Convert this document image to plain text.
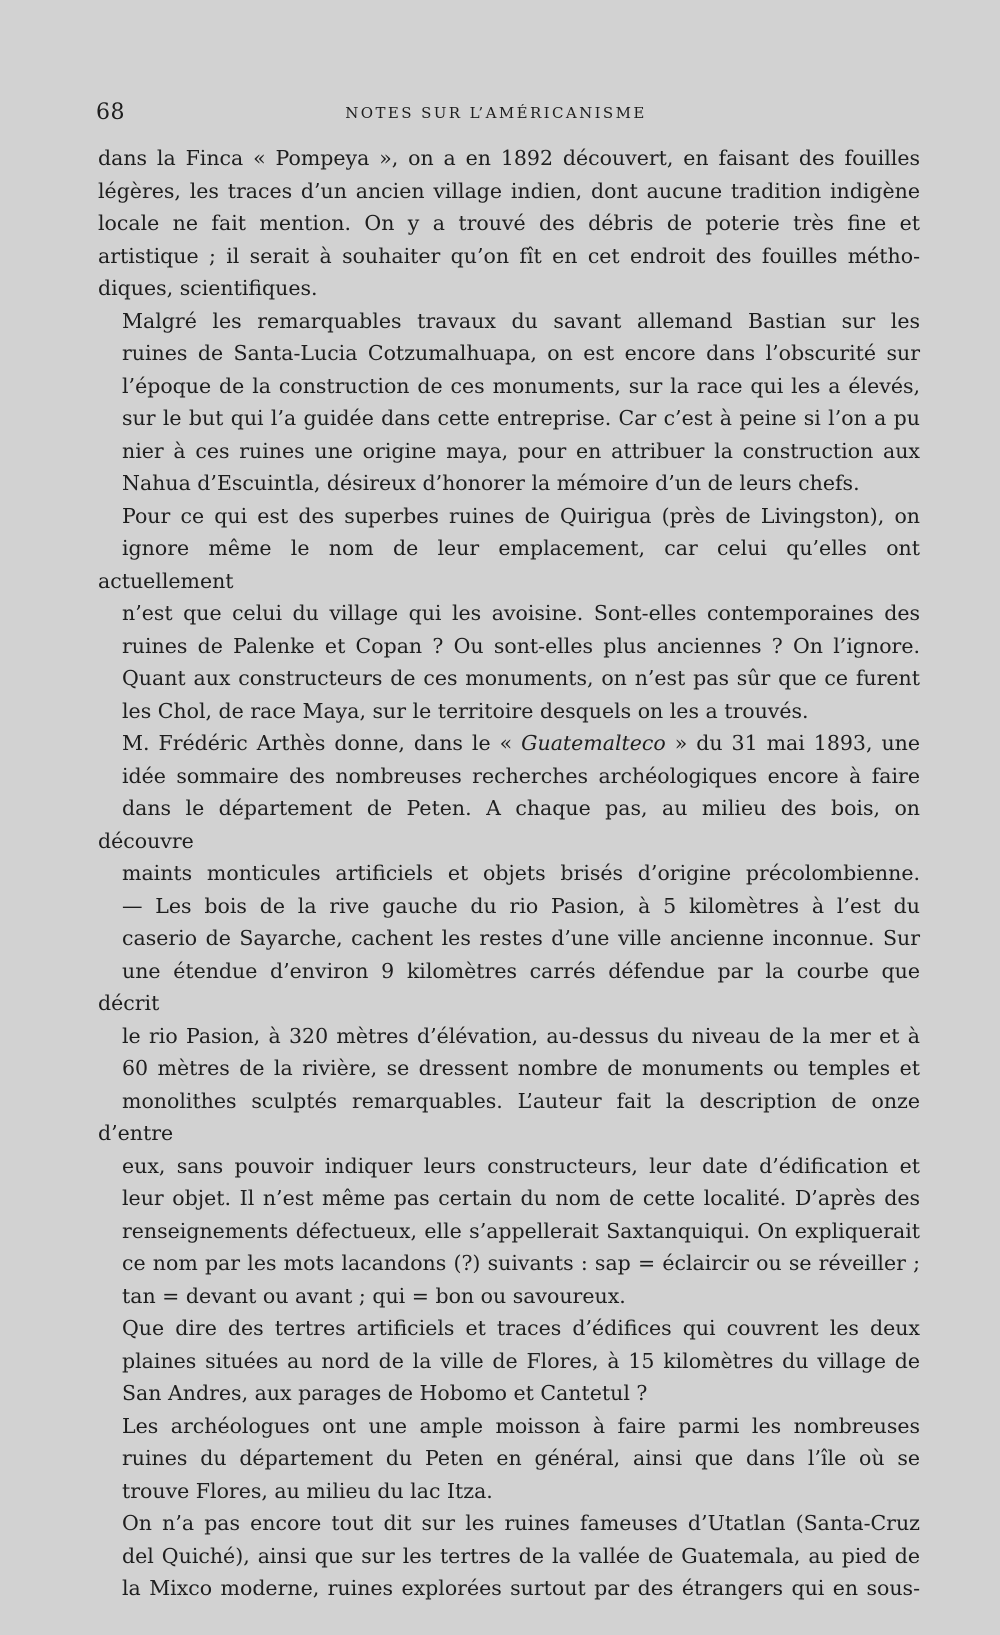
68	NOTES SUR L’AMÉRICANISME

dans la Finca « Pompeya », on a en 1892 découvert, en faisant des fouilles
légères, les traces d’un ancien village indien, dont aucune tradition indigène
locale ne fait mention. On y a trouvé des débris de poterie très fine et
artistique ; il serait à souhaiter qu’on fît en cet endroit des fouilles métho-
diques, scientifiques.

Malgré les remarquables travaux du savant allemand Bastian sur les
ruines de Santa-Lucia Cotzumalhuapa, on est encore dans l’obscurité sur
l’époque de la construction de ces monuments, sur la race qui les a élevés,
sur le but qui l’a guidée dans cette entreprise. Car c’est à peine si l’on a pu
nier à ces ruines une origine maya, pour en attribuer la construction aux
Nahua d’Escuintla, désireux d’honorer la mémoire d’un de leurs chefs.

Pour ce qui est des superbes ruines de Quirigua (près de Livingston), on
ignore même le nom de leur emplacement, car celui qu’elles ont actuellement
n’est que celui du village qui les avoisine. Sont-elles contemporaines des
ruines de Palenke et Copan ? Ou sont-elles plus anciennes ? On l’ignore.
Quant aux constructeurs de ces monuments, on n’est pas sûr que ce furent
les Chol, de race Maya, sur le territoire desquels on les a trouvés.

M. Frédéric Arthès donne, dans le « Guatemalteco » du 31 mai 1893, une
idée sommaire des nombreuses recherches archéologiques encore à faire
dans le département de Peten. A chaque pas, au milieu des bois, on découvre
maints monticules artificiels et objets brisés d’origine précolombienne.
— Les bois de la rive gauche du rio Pasion, à 5 kilomètres à l’est du
caserio de Sayarche, cachent les restes d’une ville ancienne inconnue. Sur
une étendue d’environ 9 kilomètres carrés défendue par la courbe que décrit
le rio Pasion, à 320 mètres d’élévation, au-dessus du niveau de la mer et à
60 mètres de la rivière, se dressent nombre de monuments ou temples et
monolithes sculptés remarquables. L’auteur fait la description de onze d’entre
eux, sans pouvoir indiquer leurs constructeurs, leur date d’édification et
leur objet. Il n’est même pas certain du nom de cette localité. D’après des
renseignements défectueux, elle s’appellerait Saxtanquiqui. On expliquerait
ce nom par les mots lacandons (?) suivants : sap = éclaircir ou se réveiller ;
tan = devant ou avant ; qui = bon ou savoureux.

Que dire des tertres artificiels et traces d’édifices qui couvrent les deux
plaines situées au nord de la ville de Flores, à 15 kilomètres du village de
San Andres, aux parages de Hobomo et Cantetul ?

Les archéologues ont une ample moisson à faire parmi les nombreuses
ruines du département du Peten en général, ainsi que dans l’île où se
trouve Flores, au milieu du lac Itza.

On n’a pas encore tout dit sur les ruines fameuses d’Utatlan (Santa-Cruz
del Quiché), ainsi que sur les tertres de la vallée de Guatemala, au pied de
la Mixco moderne, ruines explorées surtout par des étrangers qui en sous-
